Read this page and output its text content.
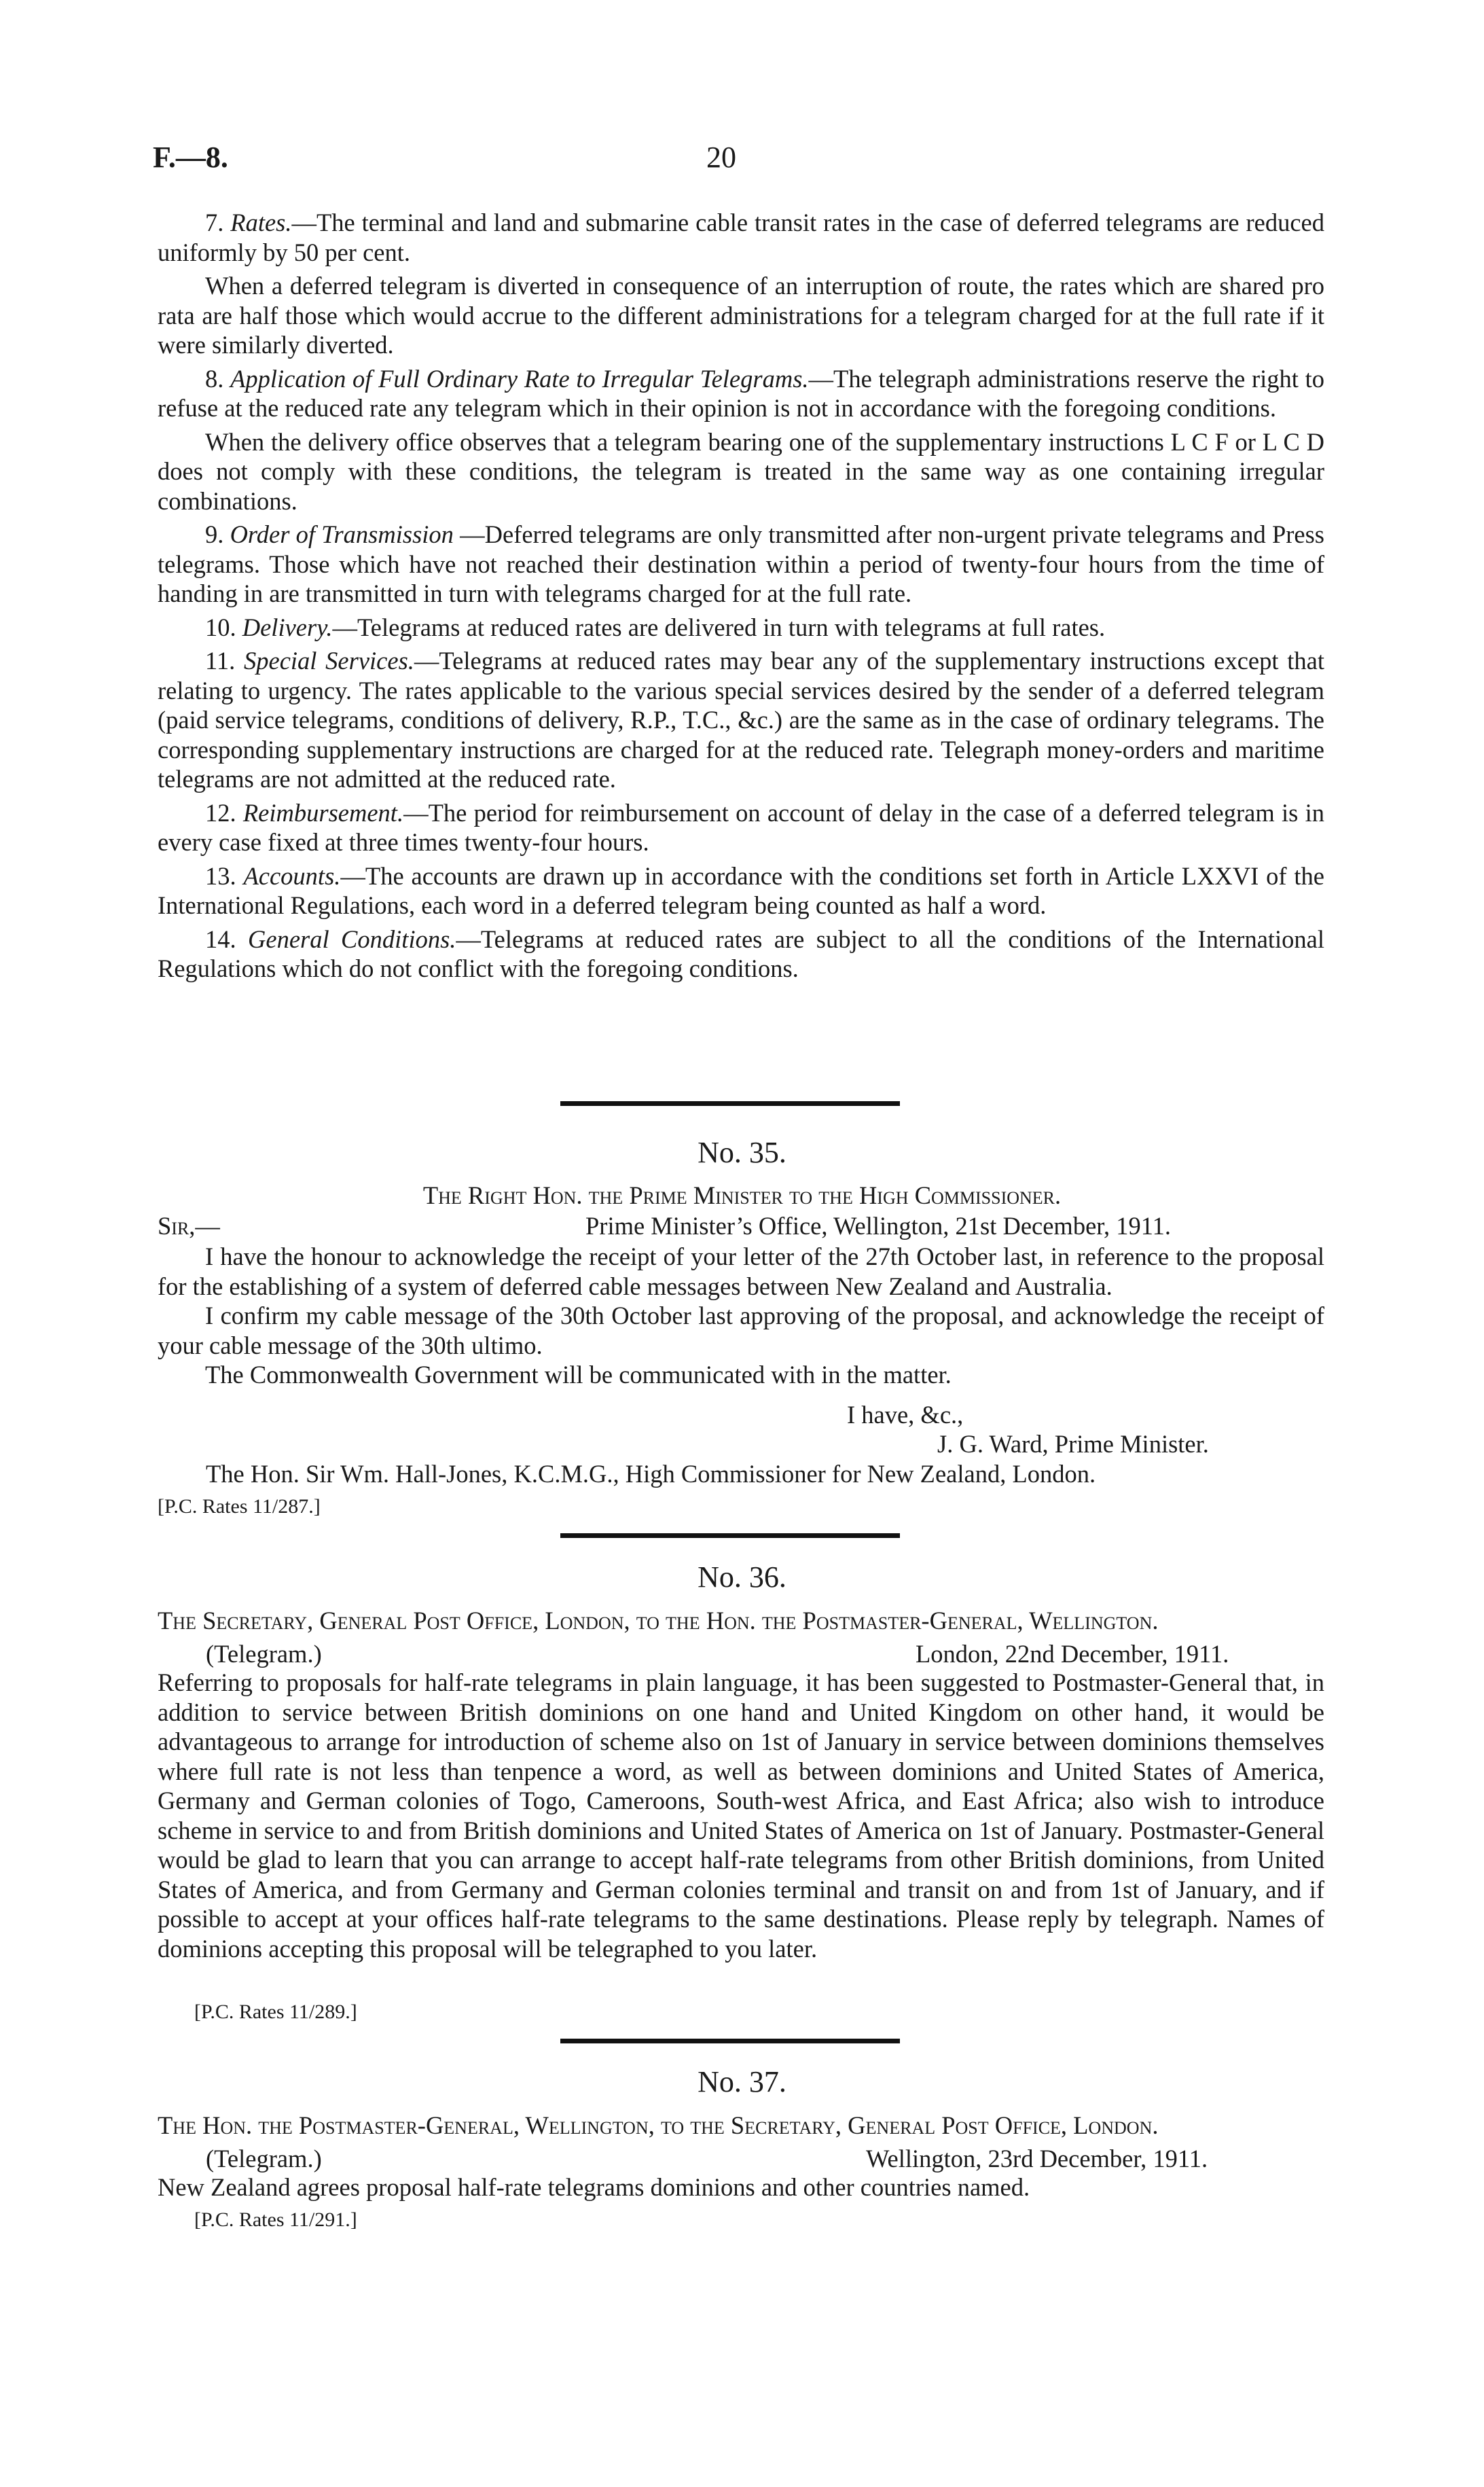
F.—8.	20

7. Rates.—The terminal and land and submarine cable transit rates in the case of deferred telegrams are reduced uniformly by 50 per cent.

When a deferred telegram is diverted in consequence of an interruption of route, the rates which are shared pro rata are half those which would accrue to the different administrations for a telegram charged for at the full rate if it were similarly diverted.

8. Application of Full Ordinary Rate to Irregular Telegrams.—The telegraph administrations reserve the right to refuse at the reduced rate any telegram which in their opinion is not in accordance with the foregoing conditions.

When the delivery office observes that a telegram bearing one of the supplementary instructions L C F or L C D does not comply with these conditions, the telegram is treated in the same way as one containing irregular combinations.

9. Order of Transmission —Deferred telegrams are only transmitted after non-urgent private telegrams and Press telegrams. Those which have not reached their destination within a period of twenty-four hours from the time of handing in are transmitted in turn with telegrams charged for at the full rate.

10. Delivery.—Telegrams at reduced rates are delivered in turn with telegrams at full rates.

11. Special Services.—Telegrams at reduced rates may bear any of the supplementary instructions except that relating to urgency. The rates applicable to the various special services desired by the sender of a deferred telegram (paid service telegrams, conditions of delivery, R.P., T.C., &c.) are the same as in the case of ordinary telegrams. The corresponding supplementary instructions are charged for at the reduced rate. Telegraph money-orders and maritime telegrams are not admitted at the reduced rate.

12. Reimbursement.—The period for reimbursement on account of delay in the case of a deferred telegram is in every case fixed at three times twenty-four hours.

13. Accounts.—The accounts are drawn up in accordance with the conditions set forth in Article LXXVI of the International Regulations, each word in a deferred telegram being counted as half a word.

14. General Conditions.—Telegrams at reduced rates are subject to all the conditions of the International Regulations which do not conflict with the foregoing conditions.

No. 35.
The Right Hon. the Prime Minister to the High Commissioner.
Sir,—	Prime Minister’s Office, Wellington, 21st December, 1911.

I have the honour to acknowledge the receipt of your letter of the 27th October last, in reference to the proposal for the establishing of a system of deferred cable messages between New Zealand and Australia.

I confirm my cable message of the 30th October last approving of the proposal, and acknowledge the receipt of your cable message of the 30th ultimo.

The Commonwealth Government will be communicated with in the matter.

I have, &c.,
J. G. Ward, Prime Minister.
The Hon. Sir Wm. Hall-Jones, K.C.M.G., High Commissioner for New Zealand, London.
[P.C. Rates 11/287.]
No. 36.
The Secretary, General Post Office, London, to the Hon. the Postmaster-General, Wellington.
(Telegram.)	London, 22nd December, 1911.

Referring to proposals for half-rate telegrams in plain language, it has been suggested to Postmaster-General that, in addition to service between British dominions on one hand and United Kingdom on other hand, it would be advantageous to arrange for introduction of scheme also on 1st of January in service between dominions themselves where full rate is not less than tenpence a word, as well as between dominions and United States of America, Germany and German colonies of Togo, Cameroons, South-west Africa, and East Africa; also wish to introduce scheme in service to and from British dominions and United States of America on 1st of January. Postmaster-General would be glad to learn that you can arrange to accept half-rate telegrams from other British dominions, from United States of America, and from Germany and German colonies terminal and transit on and from 1st of January, and if possible to accept at your offices half-rate telegrams to the same destinations. Please reply by telegraph. Names of dominions accepting this proposal will be telegraphed to you later.

[P.C. Rates 11/289.]
No. 37.
The Hon. the Postmaster-General, Wellington, to the Secretary, General Post Office, London.
(Telegram.)	Wellington, 23rd December, 1911.
New Zealand agrees proposal half-rate telegrams dominions and other countries named.
[P.C. Rates 11/291.]
